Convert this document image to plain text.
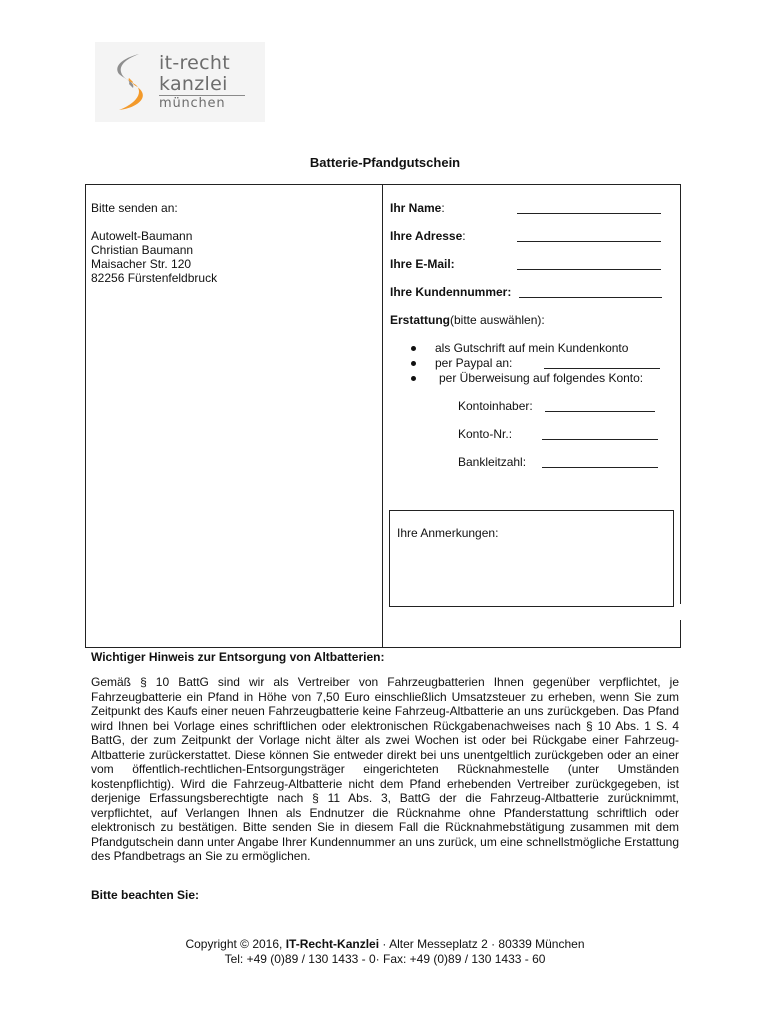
it-recht
kanzlei
münchen
Batterie-Pfandgutschein
Bitte senden an:
Autowelt-Baumann
Christian Baumann
Maisacher Str. 120
82256 Fürstenfeldbruck
Ihr Name:
Ihre Adresse:
Ihre E-Mail:
Ihre Kundennummer:
Erstattung(bitte auswählen):
als Gutschrift auf mein Kundenkonto
per Paypal an:
per Überweisung auf folgendes Konto:
Kontoinhaber:
Konto-Nr.:
Bankleitzahl:
Ihre Anmerkungen:
Wichtiger Hinweis zur Entsorgung von Altbatterien:
Gemäß § 10 BattG sind wir als Vertreiber von Fahrzeugbatterien Ihnen gegenüber verpflichtet, je Fahrzeugbatterie ein Pfand in Höhe von 7,50 Euro einschließlich Umsatzsteuer zu erheben, wenn Sie zum Zeitpunkt des Kaufs einer neuen Fahrzeugbatterie keine Fahrzeug-Altbatterie an uns zurückgeben. Das Pfand wird Ihnen bei Vorlage eines schriftlichen oder elektronischen Rückgabenachweises nach § 10 Abs. 1 S. 4 BattG, der zum Zeitpunkt der Vorlage nicht älter als zwei Wochen ist oder bei Rückgabe einer Fahrzeug-Altbatterie zurückerstattet. Diese können Sie entweder direkt bei uns unentgeltlich zurückgeben oder an einer vom öffentlich-rechtlichen-Entsorgungsträger eingerichteten Rücknahmestelle (unter Umständen kostenpflichtig). Wird die Fahrzeug-Altbatterie nicht dem Pfand erhebenden Vertreiber zurückgegeben, ist derjenige Erfassungsberechtigte nach § 11 Abs. 3, BattG der die Fahrzeug-Altbatterie zurücknimmt, verpflichtet, auf Verlangen Ihnen als Endnutzer die Rücknahme ohne Pfanderstattung schriftlich oder elektronisch zu bestätigen. Bitte senden Sie in diesem Fall die Rücknahmebstätigung zusammen mit dem Pfandgutschein dann unter Angabe Ihrer Kundennummer an uns zurück, um eine schnellstmögliche Erstattung des Pfandbetrags an Sie zu ermöglichen.
Bitte beachten Sie:
Copyright © 2016, IT-Recht-Kanzlei · Alter Messeplatz 2 · 80339 München
Tel: +49 (0)89 / 130 1433 - 0· Fax: +49 (0)89 / 130 1433 - 60
